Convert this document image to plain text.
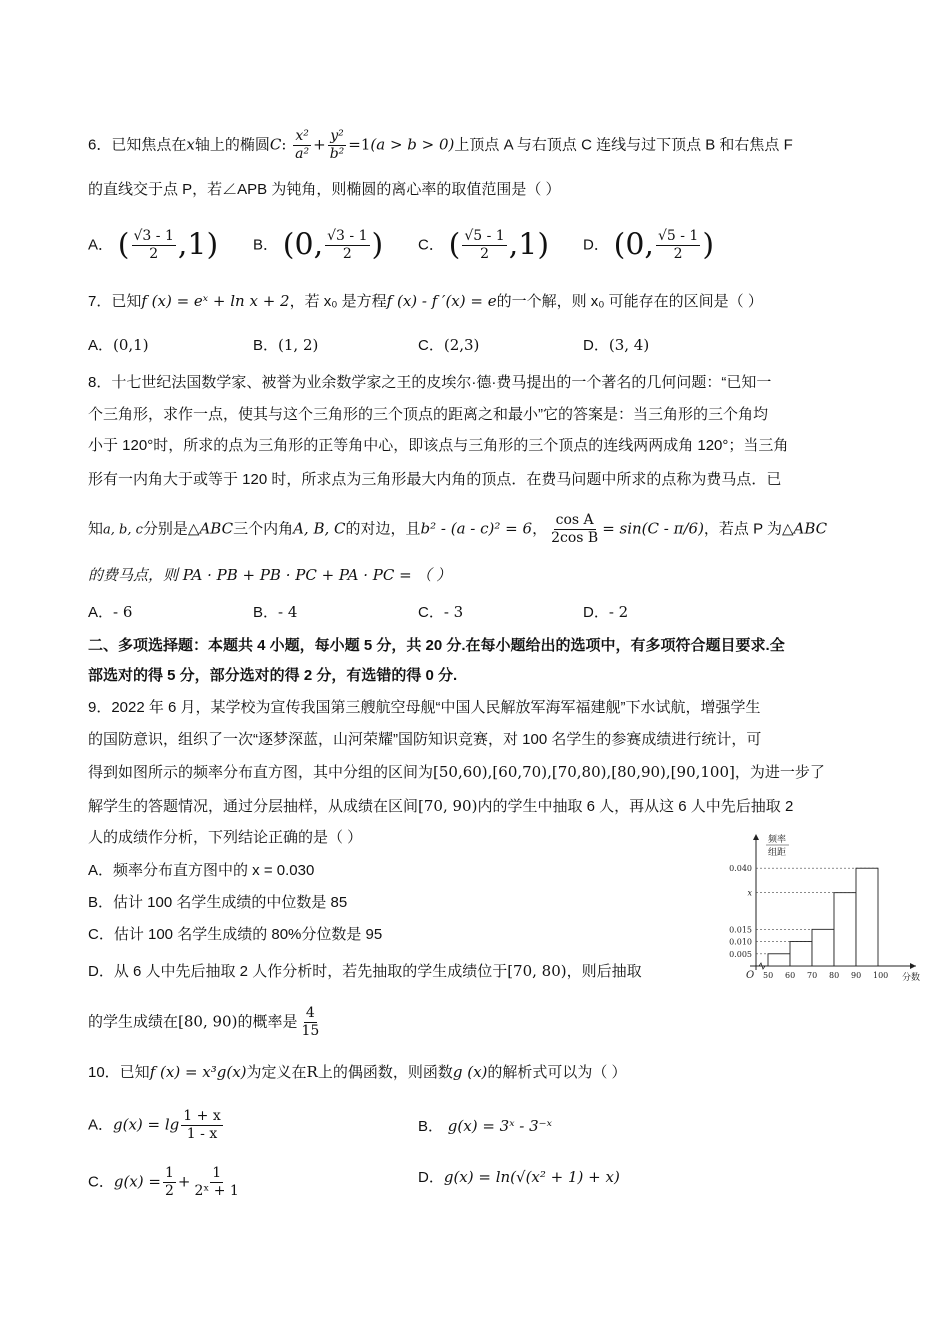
6．已知焦点在x轴上的椭圆C: $\frac{\text{x²}}{\text{a²}} + \frac{\text{y²}}{\text{b²}} =1(a > b > 0)$上顶点 A 与右顶点 C 连线与过下顶点 B 和右焦点 F
的直线交于点 P，若∠APB 为钝角，则椭圆的离心率的取值范围是（ ）
A． ( $\frac{√3 - 1}{2} ,1$) B． (0, $\frac{√3 - 1}{2}$ ) C． ( $\frac{√5 - 1}{2} ,1$) D． (0, $\frac{√5 - 1}{2}$ )
7．已知f (x) = eˣ + ln x + 2，若 x₀ 是方程f (x) - f ′(x) = e的一个解，则 x₀ 可能存在的区间是（ ）
A．(0,1)	B．(1, 2)	C．(2,3)	D．(3, 4)
8．十七世纪法国数学家、被誉为业余数学家之王的皮埃尔·德·费马提出的一个著名的几何问题：“已知一
个三角形，求作一点，使其与这个三角形的三个顶点的距离之和最小”它的答案是：当三角形的三个角均
小于 120°时，所求的点为三角形的正等角中心，即该点与三角形的三个顶点的连线两两成角 120°；当三角
形有一内角大于或等于 120 时，所求点为三角形最大内角的顶点．在费马问题中所求的点称为费马点．已
知a, b, c分别是△ABC三个内角A, B, C的对边，且b² - (a - c)² = 6， $\frac{\text{cos A}}{\text{2cos B}} = \sin(C - \pi/6)$，若点 P 为△ABC
的费马点，则 PA · PB + PB · PC + PA · PC = （ ）
A．- 6	B．- 4	C．- 3	D．- 2
二、多项选择题：本题共 4 小题，每小题 5 分，共 20 分.在每小题给出的选项中，有多项符合题目要求.全
部选对的得 5 分，部分选对的得 2 分，有选错的得 0 分.
9．2022 年 6 月，某学校为宣传我国第三艘航空母舰“中国人民解放军海军福建舰”下水试航，增强学生
的国防意识，组织了一次“逐梦深蓝，山河荣耀”国防知识竞赛，对 100 名学生的参赛成绩进行统计，可
得到如图所示的频率分布直方图，其中分组的区间为[50,60),[60,70),[70,80),[80,90),[90,100]，为进一步了
解学生的答题情况，通过分层抽样，从成绩在区间[70, 90)内的学生中抽取 6 人，再从这 6 人中先后抽取 2
人的成绩作分析，下列结论正确的是（ ）
A．频率分布直方图中的 x = 0.030
B．估计 100 名学生成绩的中位数是 85
C．估计 100 名学生成绩的 80%分位数是 95
D．从 6 人中先后抽取 2 人作分析时，若先抽取的学生成绩位于[70, 80)，则后抽取
的学生成绩在[80, 90)的概率是 $\frac{4}{15}$
频率
组距
分数
O 50 60 70 80 90 100
0.040
x
0.015
0.010
0.005
10．已知f (x) = x³g(x)为定义在R上的偶函数，则函数g (x)的解析式可以为（ ）
A．$g(x) = \lg \frac{1 + x}{1 - x}$	B． g(x) = 3ˣ - 3⁻ˣ
C．$g(x) = \frac{1}{2} + \frac{1}{\text{2ˣ + 1}}$	D．g(x) = ln(√(x² + 1) + x)
